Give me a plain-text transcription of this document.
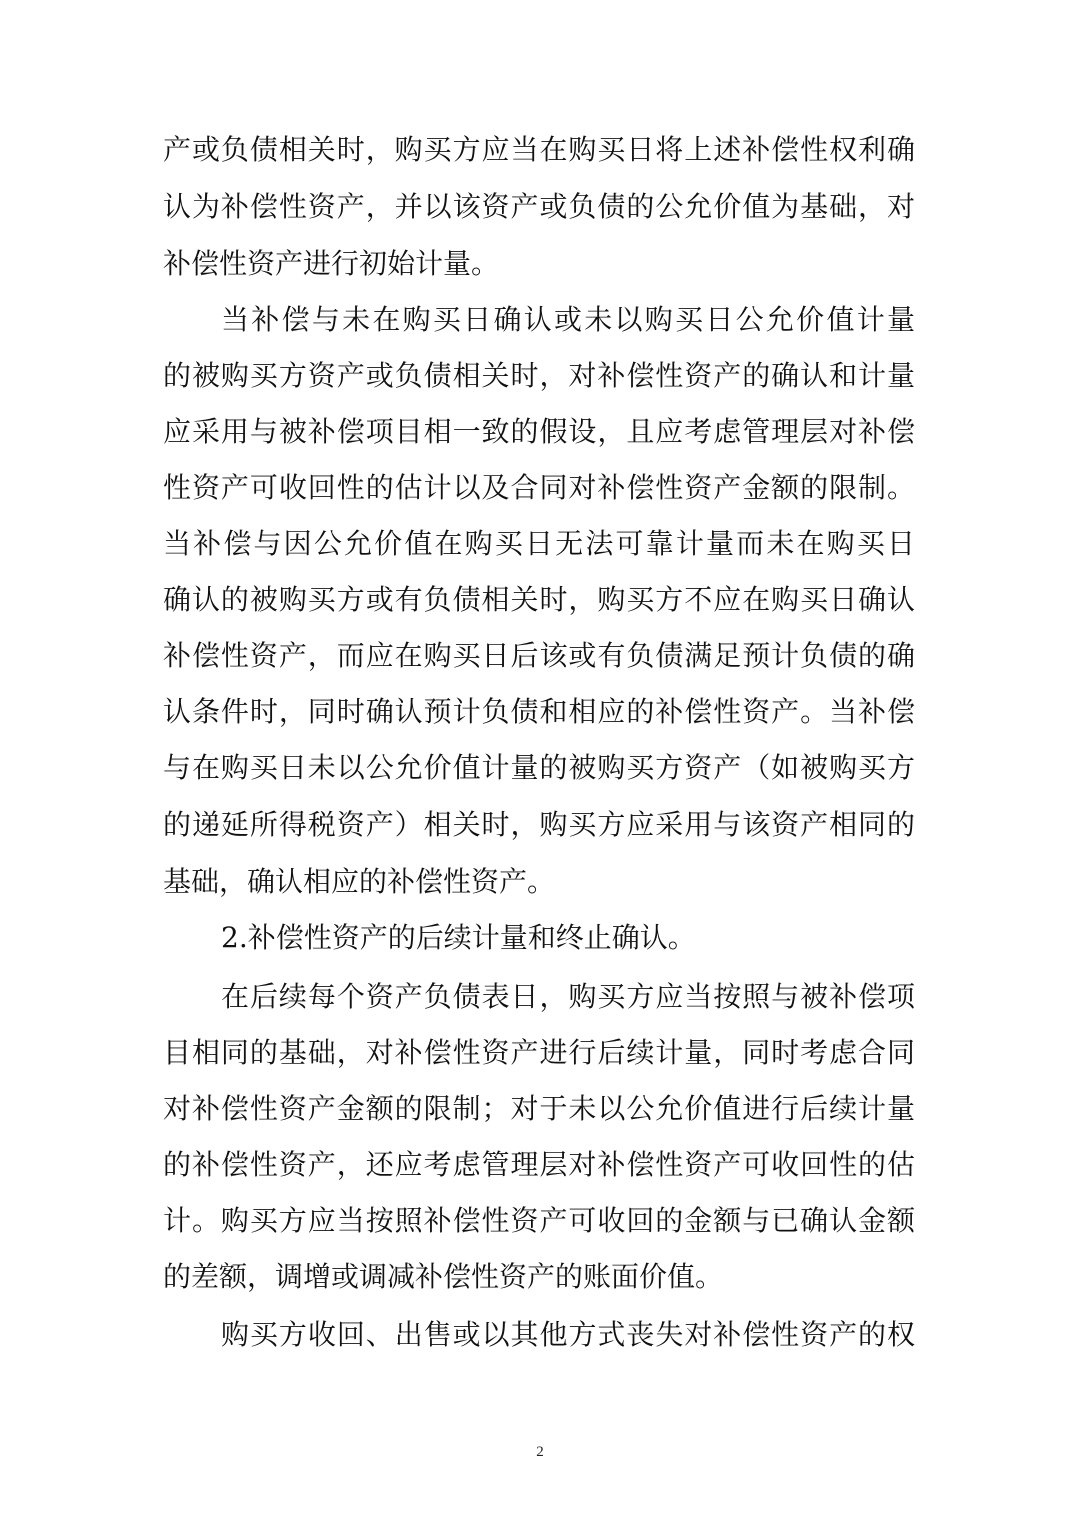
产或负债相关时，购买方应当在购买日将上述补偿性权利确
认为补偿性资产，并以该资产或负债的公允价值为基础，对
补偿性资产进行初始计量。
当补偿与未在购买日确认或未以购买日公允价值计量
的被购买方资产或负债相关时，对补偿性资产的确认和计量
应采用与被补偿项目相一致的假设，且应考虑管理层对补偿
性资产可收回性的估计以及合同对补偿性资产金额的限制。
当补偿与因公允价值在购买日无法可靠计量而未在购买日
确认的被购买方或有负债相关时，购买方不应在购买日确认
补偿性资产，而应在购买日后该或有负债满足预计负债的确
认条件时，同时确认预计负债和相应的补偿性资产。当补偿
与在购买日未以公允价值计量的被购买方资产（如被购买方
的递延所得税资产）相关时，购买方应采用与该资产相同的
基础，确认相应的补偿性资产。
2.补偿性资产的后续计量和终止确认。
在后续每个资产负债表日，购买方应当按照与被补偿项
目相同的基础，对补偿性资产进行后续计量，同时考虑合同
对补偿性资产金额的限制；对于未以公允价值进行后续计量
的补偿性资产，还应考虑管理层对补偿性资产可收回性的估
计。购买方应当按照补偿性资产可收回的金额与已确认金额
的差额，调增或调减补偿性资产的账面价值。
购买方收回、出售或以其他方式丧失对补偿性资产的权
2
